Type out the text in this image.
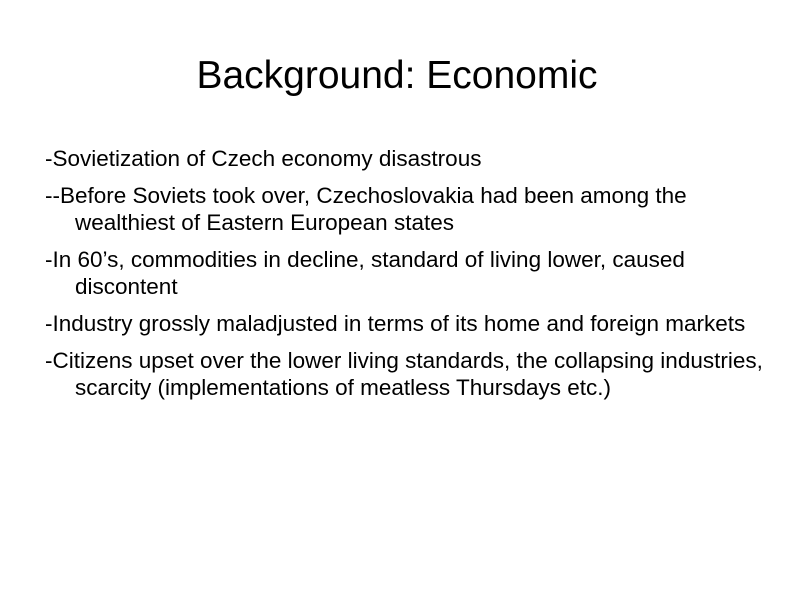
Background: Economic
-Sovietization of Czech economy disastrous
--Before Soviets took over, Czechoslovakia had been among the wealthiest of Eastern European states
-In 60’s, commodities in decline, standard of living lower, caused discontent
-Industry grossly maladjusted in terms of its home and foreign markets
-Citizens upset over the lower living standards, the collapsing industries, scarcity (implementations of meatless Thursdays etc.)
